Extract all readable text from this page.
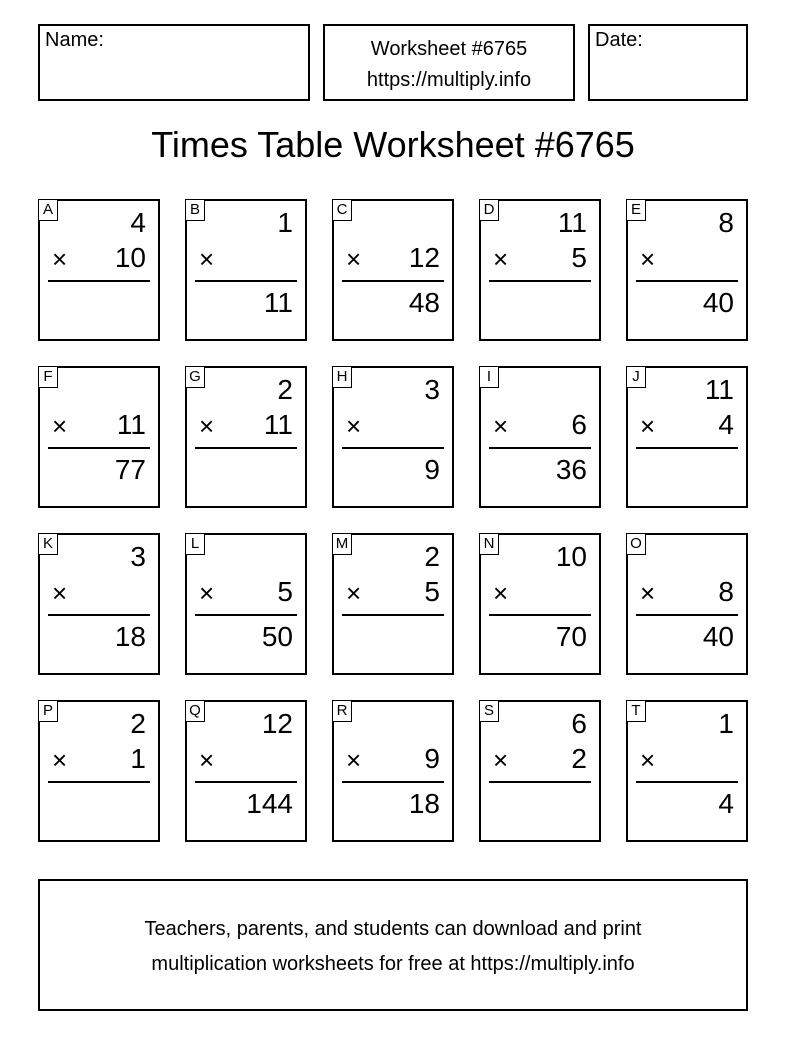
Name:	Worksheet #6765
https://multiply.info
Date:
Times Table Worksheet #6765
A	4
× 10
B	1
×
11
C
× 12
48
D 11
× 5
E	8
×
40
F
× 11
77
G	2
× 11
H	3
×
9
I
× 6
36
J 11
× 4
K	3
×
18
L
× 5
50
M	2
× 5
N 10
×
70
O
× 8
40
P	2
× 1
Q 12
×
144
R
× 9
18
S	6
× 2
T	1
×
4
Teachers, parents, and students can download and print
multiplication worksheets for free at https://multiply.info
